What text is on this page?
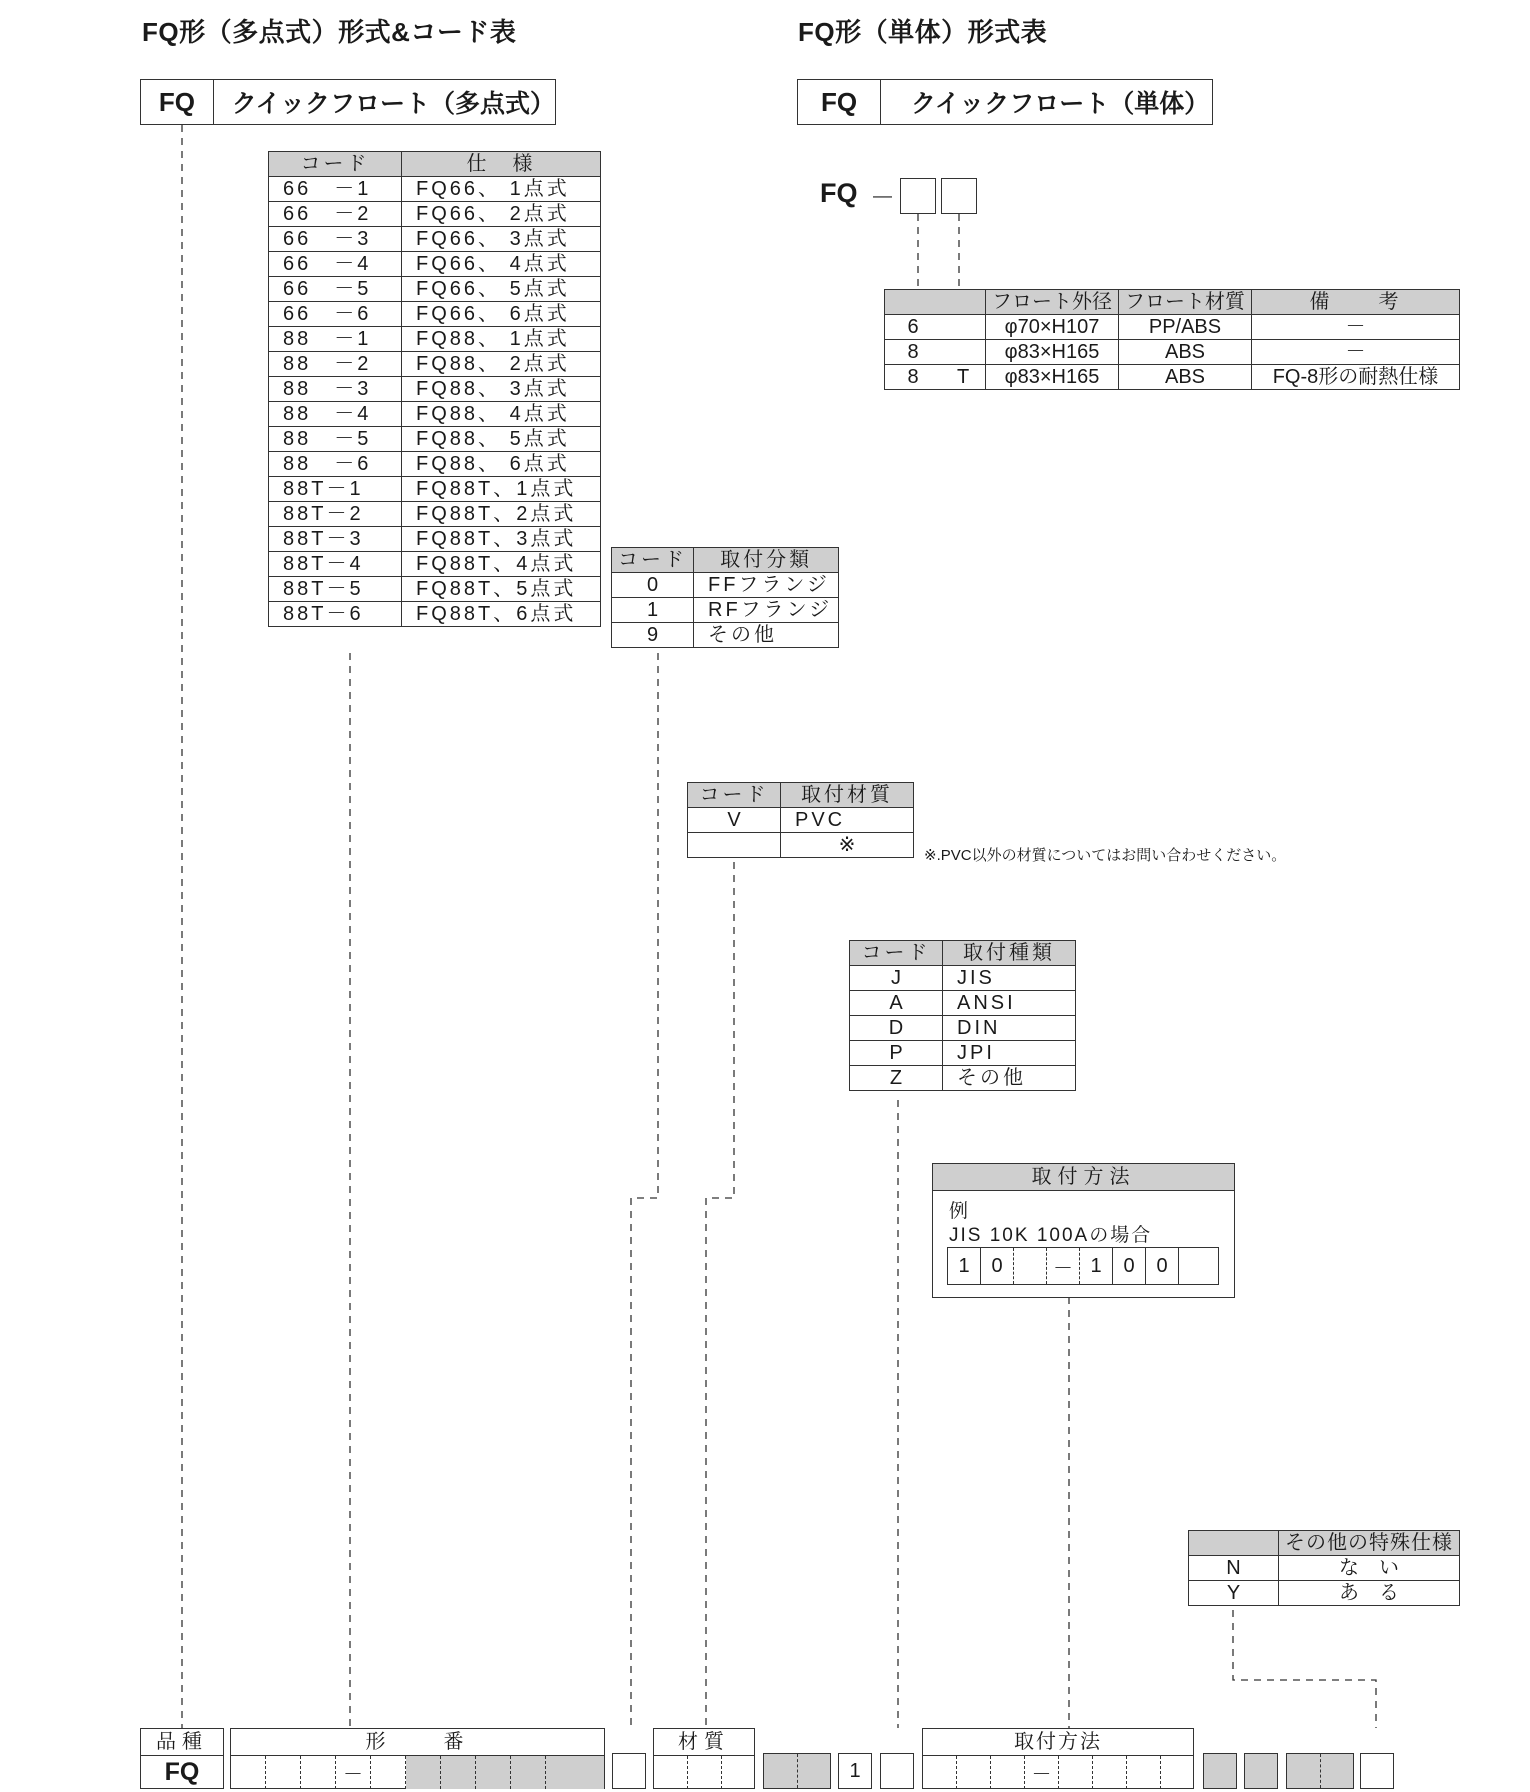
FQ形（多点式）形式&コード表	FQ形（単体）形式表
FQ	クイックフロート（多点式）	FQ	クイックフロート（単体）
FQ －
コード	仕　様
66　－1	FQ66、 1点式
66　－2	FQ66、 2点式
66　－3	FQ66、 3点式
66　－4	FQ66、 4点式
66　－5	FQ66、 5点式
66　－6	FQ66、 6点式
88　－1	FQ88、 1点式
88　－2	FQ88、 2点式
88　－3	FQ88、 3点式
88　－4	FQ88、 4点式
88　－5	FQ88、 5点式
88　－6	FQ88、 6点式
88T－1	FQ88T、1点式
88T－2	FQ88T、2点式
88T－3	FQ88T、3点式
88T－4	FQ88T、4点式
88T－5	FQ88T、5点式
88T－6	FQ88T、6点式
コード	取付分類
0	FFフランジ
1	RFフランジ
9	その他
コード	取付材質
V	PVC
	※	※.PVC以外の材質についてはお問い合わせください。
コード	取付種類
J	JIS
A	ANSI
D	DIN
P	JPI
Z	その他
取付方法
例
JIS 10K 100Aの場合
1	0	－ 1	0	0
	その他の特殊仕様
N	な　い
Y	あ　る
		フロート外径	フロート材質	備　　考
6		φ70×H107	PP/ABS	－
8		φ83×H165	ABS	－
8	T	φ83×H165	ABS	FQ-8形の耐熱仕様
品種
FQ
形　　番
－
材質
1
取付方法
－
